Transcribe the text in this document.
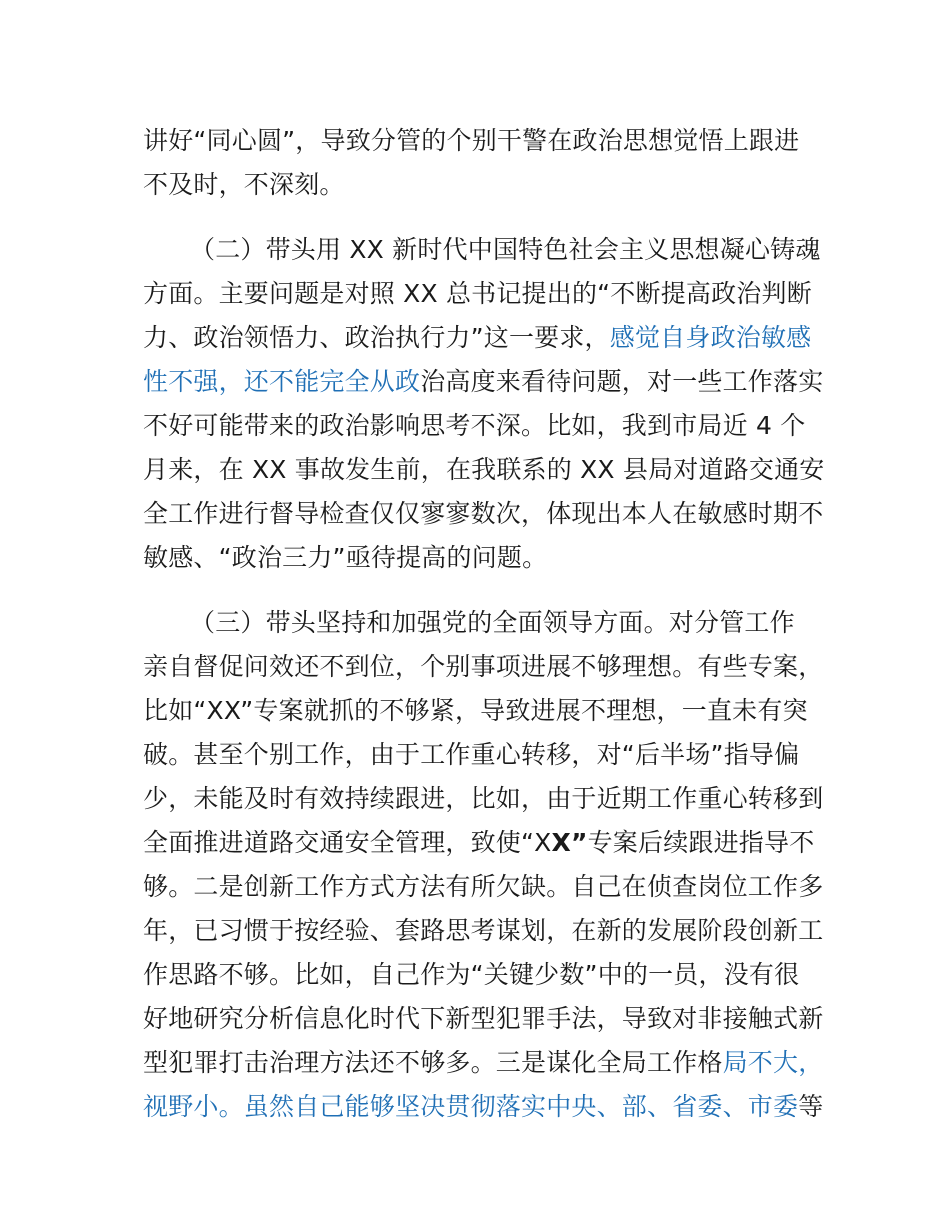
讲好“同心圆”，导致分管的个别干警在政治思想觉悟上跟进
不及时，不深刻。
（二）带头用 XX 新时代中国特色社会主义思想凝心铸魂
方面。主要问题是对照 XX 总书记提出的“不断提高政治判断
力、政治领悟力、政治执行力”这一要求，感觉自身政治敏感
性不强，还不能完全从政治高度来看待问题，对一些工作落实
不好可能带来的政治影响思考不深。比如，我到市局近 4 个
月来，在 XX 事故发生前，在我联系的 XX 县局对道路交通安
全工作进行督导检查仅仅寥寥数次，体现出本人在敏感时期不
敏感、“政治三力”亟待提高的问题。
（三）带头坚持和加强党的全面领导方面。对分管工作
亲自督促问效还不到位，个别事项进展不够理想。有些专案，
比如“XX”专案就抓的不够紧，导致进展不理想，一直未有突
破。甚至个别工作，由于工作重心转移，对“后半场”指导偏
少，未能及时有效持续跟进，比如，由于近期工作重心转移到
全面推进道路交通安全管理，致使“XX”专案后续跟进指导不
够。二是创新工作方式方法有所欠缺。自己在侦查岗位工作多
年，已习惯于按经验、套路思考谋划，在新的发展阶段创新工
作思路不够。比如，自己作为“关键少数”中的一员，没有很
好地研究分析信息化时代下新型犯罪手法，导致对非接触式新
型犯罪打击治理方法还不够多。三是谋化全局工作格局不大，
视野小。虽然自己能够坚决贯彻落实中央、部、省委、市委等
